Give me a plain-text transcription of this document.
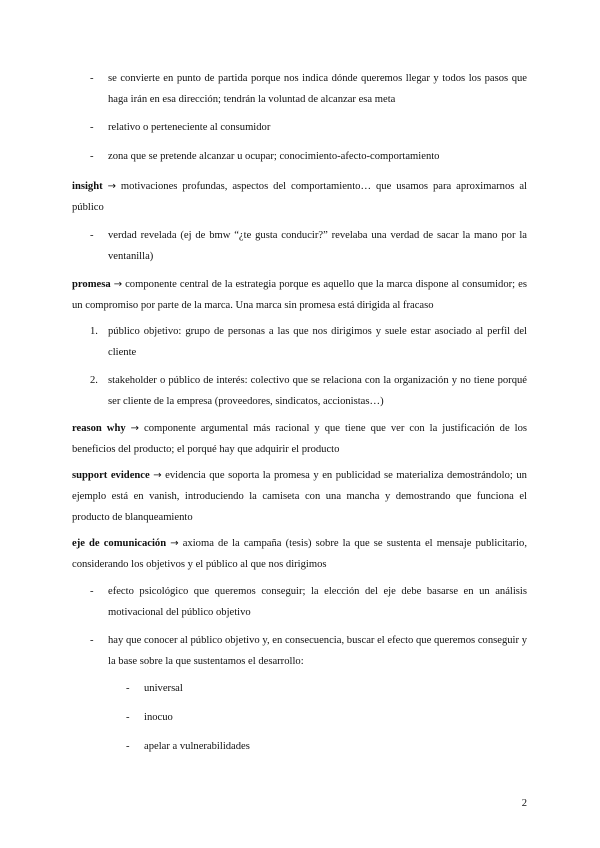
- se convierte en punto de partida porque nos indica dónde queremos llegar y todos los pasos que haga irán en esa dirección; tendrán la voluntad de alcanzar esa meta
- relativo o perteneciente al consumidor
- zona que se pretende alcanzar u ocupar; conocimiento-afecto-comportamiento
insight → motivaciones profundas, aspectos del comportamiento… que usamos para aproximarnos al público
- verdad revelada (ej de bmw “¿te gusta conducir?” revelaba una verdad de sacar la mano por la ventanilla)
promesa → componente central de la estrategia porque es aquello que la marca dispone al consumidor; es un compromiso por parte de la marca. Una marca sin promesa está dirigida al fracaso
1. público objetivo: grupo de personas a las que nos dirigimos y suele estar asociado al perfil del cliente
2. stakeholder o público de interés: colectivo que se relaciona con la organización y no tiene porqué ser cliente de la empresa (proveedores, sindicatos, accionistas…)
reason why → componente argumental más racional y que tiene que ver con la justificación de los beneficios del producto; el porqué hay que adquirir el producto
support evidence → evidencia que soporta la promesa y en publicidad se materializa demostrándolo; un ejemplo está en vanish, introduciendo la camiseta con una mancha y demostrando que funciona el producto de blanqueamiento
eje de comunicación → axioma de la campaña (tesis) sobre la que se sustenta el mensaje publicitario, considerando los objetivos y el público al que nos dirigimos
- efecto psicológico que queremos conseguir; la elección del eje debe basarse en un análisis motivacional del público objetivo
- hay que conocer al público objetivo y, en consecuencia, buscar el efecto que queremos conseguir y la base sobre la que sustentamos el desarrollo:
- universal
- inocuo
- apelar a vulnerabilidades
2
